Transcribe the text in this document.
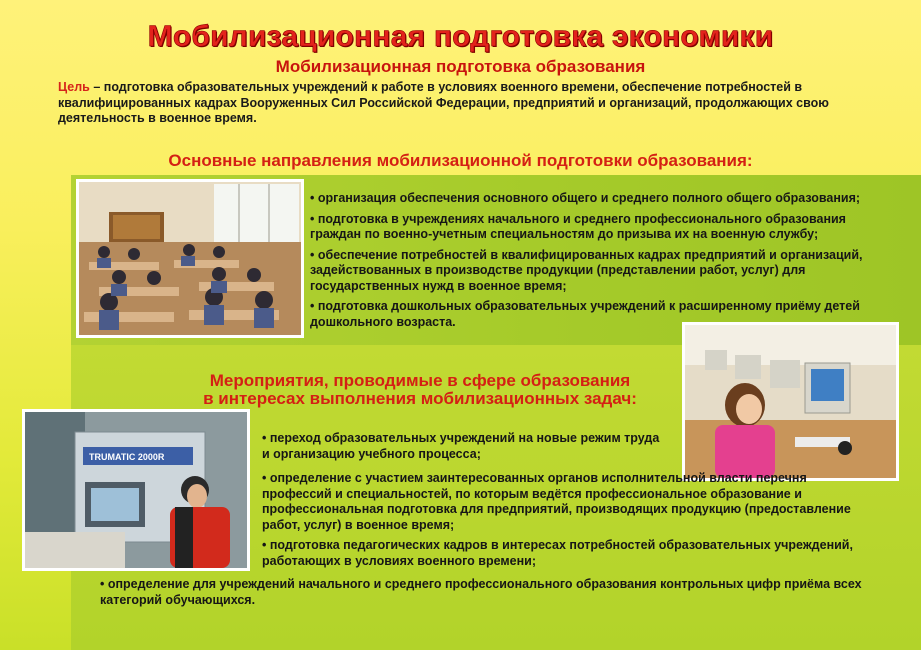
Мобилизационная подготовка экономики
Мобилизационная подготовка образования
Цель – подготовка образовательных учреждений к работе в условиях военного времени, обеспечение потребностей в квалифицированных кадрах Вооруженных Сил Российской Федерации, предприятий и организаций, продолжающих свою деятельность в военное время.
Основные направления мобилизационной подготовки образования:
• организация обеспечения основного общего и среднего полного общего образования;
• подготовка в учреждениях начального и среднего профессионального образования граждан по военно-учетным специальностям до призыва их на военную службу;
• обеспечение потребностей в квалифицированных кадрах предприятий и организаций, задействованных в производстве продукции (представлении работ, услуг) для государственных нужд в военное время;
• подготовка дошкольных образовательных учреждений к расширенному приёму детей дошкольного возраста.
Мероприятия, проводимые в сфере образования
в интересах выполнения мобилизационных задач:
TRUMATIC 2000R
• переход образовательных учреждений на новые режим труда и организацию учебного процесса;
• определение с участием заинтересованных органов исполнительной власти перечня профессий и специальностей, по которым ведётся профессиональное образование и профессиональная подготовка для предприятий, производящих продукцию (предоставление работ, услуг) в военное время;
• подготовка педагогических кадров в интересах потребностей образовательных учреждений, работающих в условиях военного времени;
• определение для учреждений начального и среднего профессионального образования контрольных цифр приёма всех категорий обучающихся.
